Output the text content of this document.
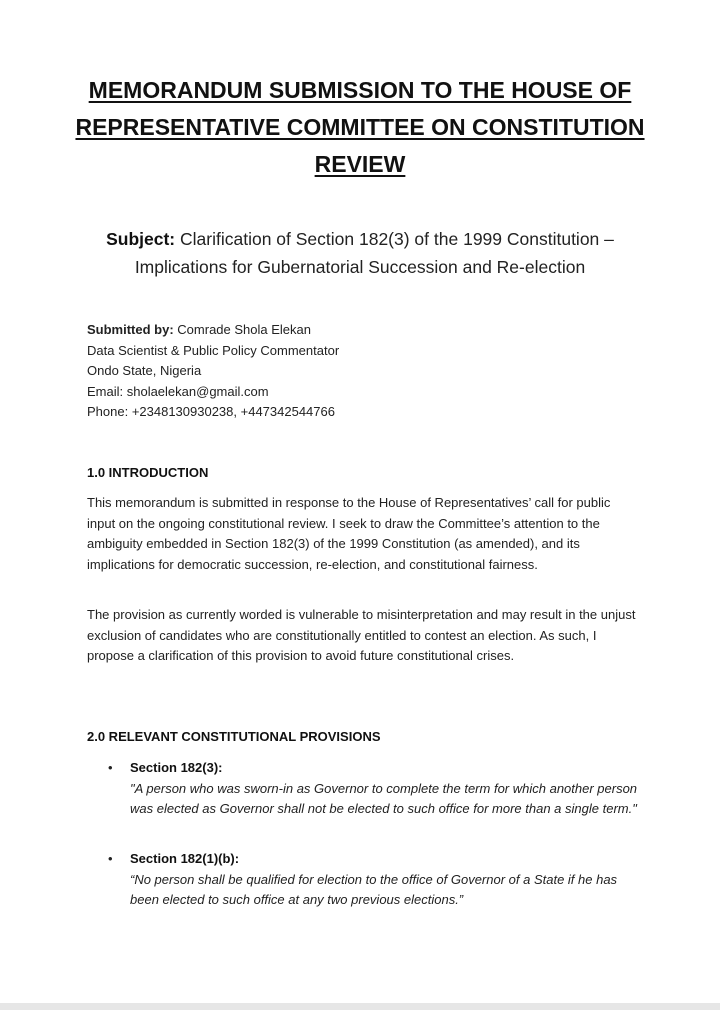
MEMORANDUM SUBMISSION TO THE HOUSE OF REPRESENTATIVE COMMITTEE ON CONSTITUTION REVIEW

Subject: Clarification of Section 182(3) of the 1999 Constitution – Implications for Gubernatorial Succession and Re-election

Submitted by: Comrade Shola Elekan
Data Scientist & Public Policy Commentator
Ondo State, Nigeria
Email: sholaelekan@gmail.com
Phone: +2348130930238, +447342544766
1.0 INTRODUCTION

This memorandum is submitted in response to the House of Representatives’ call for public input on the ongoing constitutional review. I seek to draw the Committee’s attention to the ambiguity embedded in Section 182(3) of the 1999 Constitution (as amended), and its implications for democratic succession, re-election, and constitutional fairness.

The provision as currently worded is vulnerable to misinterpretation and may result in the unjust exclusion of candidates who are constitutionally entitled to contest an election. As such, I propose a clarification of this provision to avoid future constitutional crises.

2.0 RELEVANT CONSTITUTIONAL PROVISIONS
• Section 182(3):
"A person who was sworn-in as Governor to complete the term for which another person was elected as Governor shall not be elected to such office for more than a single term."
• Section 182(1)(b):
“No person shall be qualified for election to the office of Governor of a State if he has been elected to such office at any two previous elections.”
